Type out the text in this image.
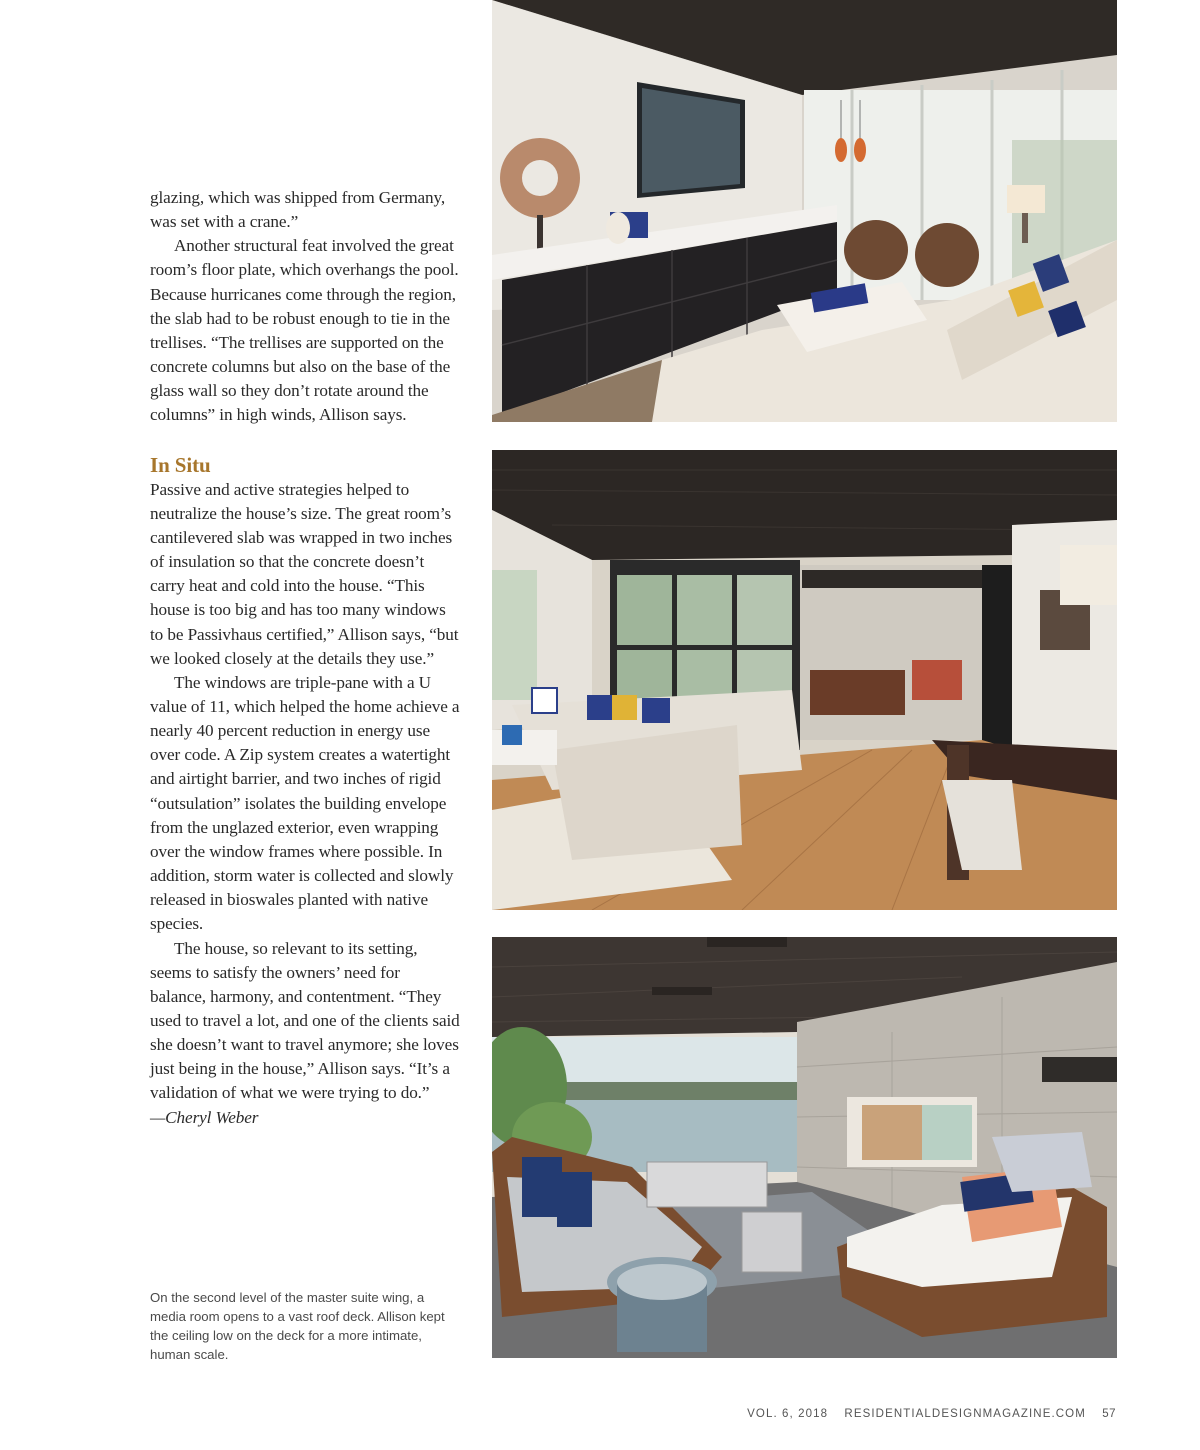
glazing, which was shipped from Germany, was set with a crane.”

Another structural feat involved the great room’s floor plate, which overhangs the pool. Because hurricanes come through the region, the slab had to be robust enough to tie in the trellises. “The trellises are supported on the concrete columns but also on the base of the glass wall so they don’t rotate around the columns” in high winds, Allison says.

In Situ

Passive and active strategies helped to neutralize the house’s size. The great room’s cantilevered slab was wrapped in two inches of insulation so that the concrete doesn’t carry heat and cold into the house. “This house is too big and has too many windows to be Passivhaus certified,” Allison says, “but we looked closely at the details they use.”

The windows are triple-pane with a U value of 11, which helped the home achieve a nearly 40 percent reduction in energy use over code. A Zip system creates a watertight and airtight barrier, and two inches of rigid “outsulation” isolates the building envelope from the unglazed exterior, even wrapping over the window frames where possible. In addition, storm water is collected and slowly released in bioswales planted with native species.

The house, so relevant to its setting, seems to satisfy the owners’ need for balance, harmony, and contentment. “They used to travel a lot, and one of the clients said she doesn’t want to travel anymore; she loves just being in the house,” Allison says. “It’s a validation of what we were trying to do.”

—Cheryl Weber

On the second level of the master suite wing, a media room opens to a vast roof deck. Allison kept the ceiling low on the deck for a more intimate, human scale.
VOL. 6, 2018 RESIDENTIALDESIGNMAGAZINE.COM 57
